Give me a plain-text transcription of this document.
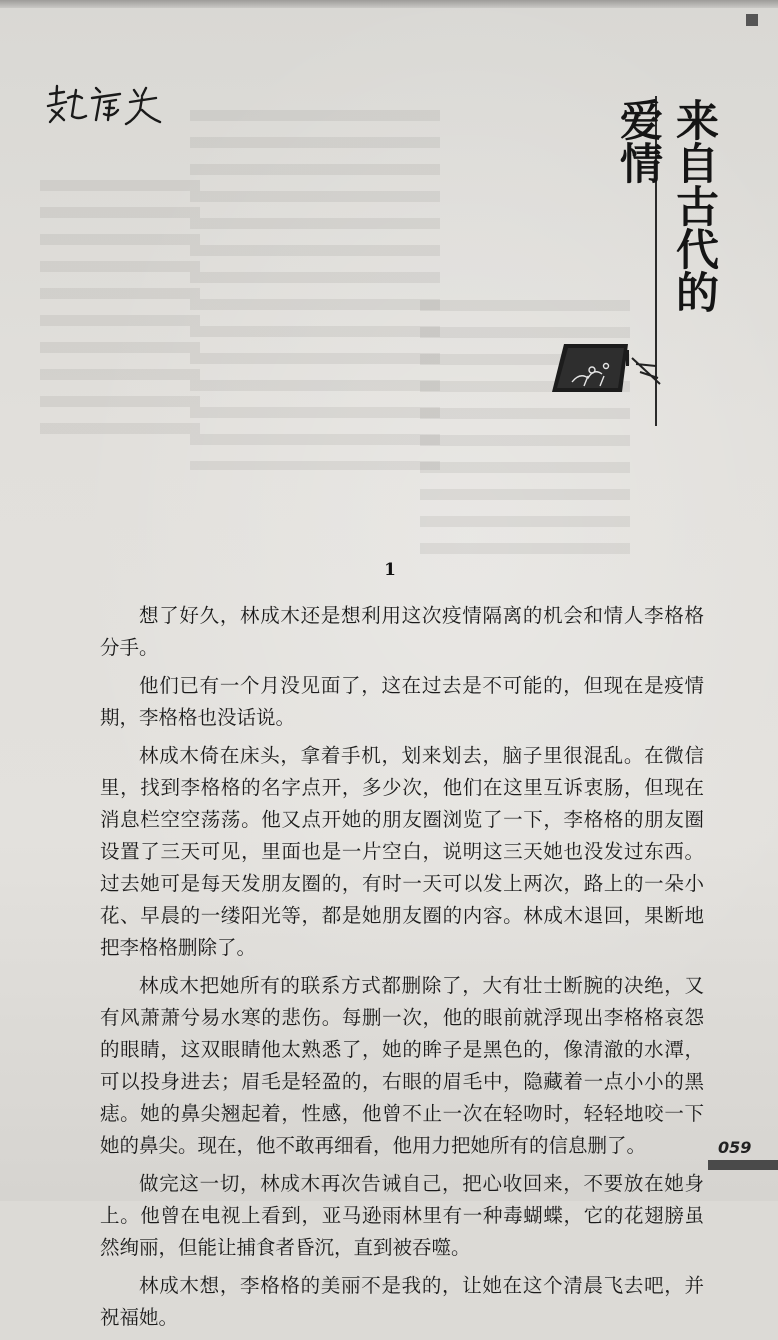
来自古代的爱情
1

想了好久，林成木还是想利用这次疫情隔离的机会和情人李格格分手。

他们已有一个月没见面了，这在过去是不可能的，但现在是疫情期，李格格也没话说。

林成木倚在床头，拿着手机，划来划去，脑子里很混乱。在微信里，找到李格格的名字点开，多少次，他们在这里互诉衷肠，但现在消息栏空空荡荡。他又点开她的朋友圈浏览了一下，李格格的朋友圈设置了三天可见，里面也是一片空白，说明这三天她也没发过东西。过去她可是每天发朋友圈的，有时一天可以发上两次，路上的一朵小花、早晨的一缕阳光等，都是她朋友圈的内容。林成木退回，果断地把李格格删除了。

林成木把她所有的联系方式都删除了，大有壮士断腕的决绝，又有风萧萧兮易水寒的悲伤。每删一次，他的眼前就浮现出李格格哀怨的眼睛，这双眼睛他太熟悉了，她的眸子是黑色的，像清澈的水潭，可以投身进去；眉毛是轻盈的，右眼的眉毛中，隐藏着一点小小的黑痣。她的鼻尖翘起着，性感，他曾不止一次在轻吻时，轻轻地咬一下她的鼻尖。现在，他不敢再细看，他用力把她所有的信息删了。

做完这一切，林成木再次告诫自己，把心收回来，不要放在她身上。他曾在电视上看到，亚马逊雨林里有一种毒蝴蝶，它的花翅膀虽然绚丽，但能让捕食者昏沉，直到被吞噬。

林成木想，李格格的美丽不是我的，让她在这个清晨飞去吧，并祝福她。

059
